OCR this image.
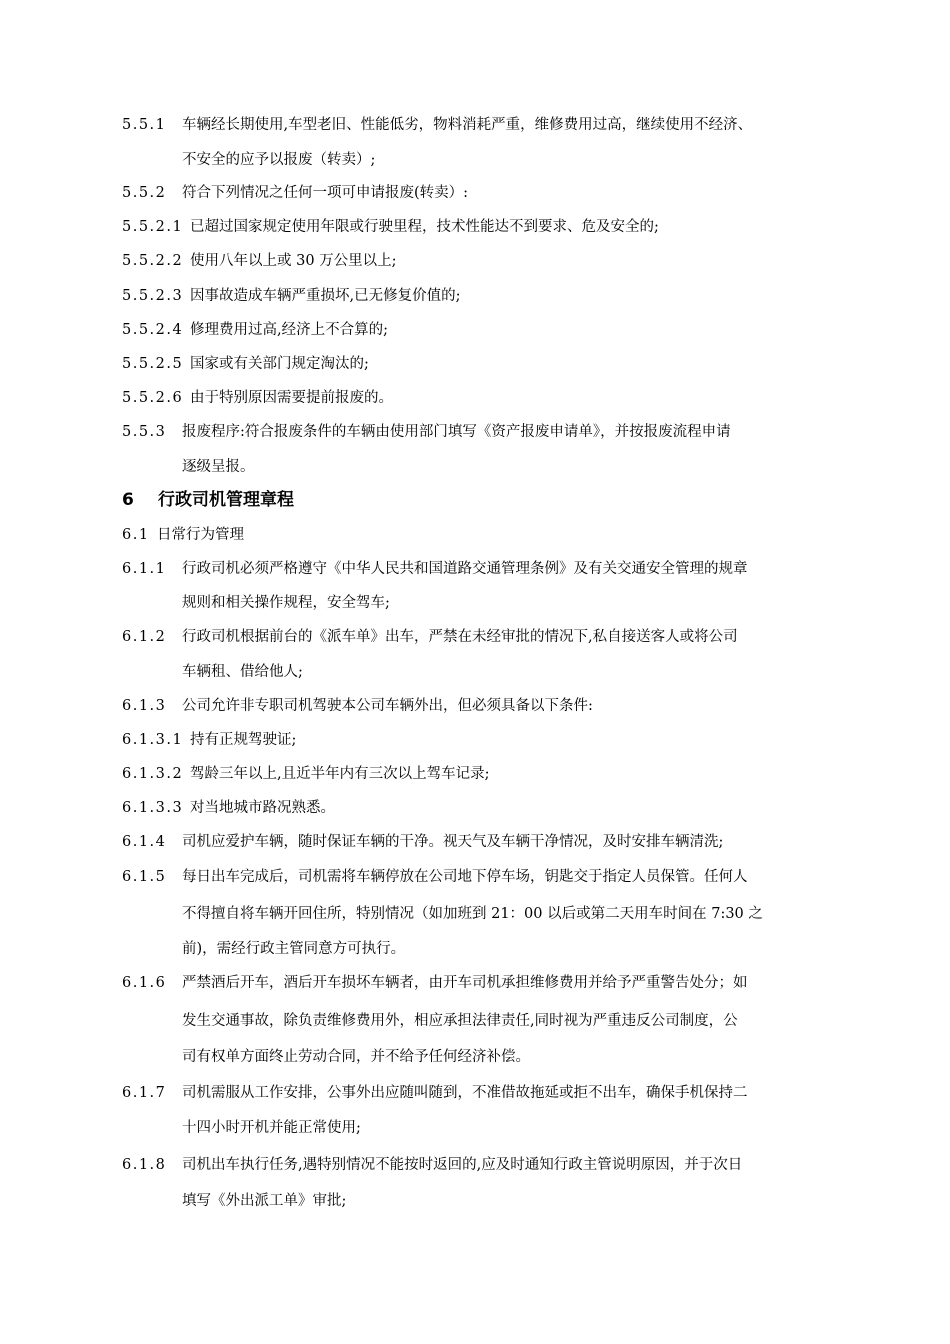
5.5.1 车辆经长期使用,车型老旧、性能低劣，物料消耗严重，维修费用过高，继续使用不经济、
不安全的应予以报废（转卖）;
5.5.2 符合下列情况之任何一项可申请报废(转卖）:
5.5.2.1 已超过国家规定使用年限或行驶里程，技术性能达不到要求、危及安全的;
5.5.2.2 使用八年以上或 30 万公里以上;
5.5.2.3 因事故造成车辆严重损坏,已无修复价值的;
5.5.2.4 修理费用过高,经济上不合算的;
5.5.2.5 国家或有关部门规定淘汰的;
5.5.2.6 由于特别原因需要提前报废的。
5.5.3 报废程序:符合报废条件的车辆由使用部门填写《资产报废申请单》，并按报废流程申请
逐级呈报。
6 行政司机管理章程
6.1 日常行为管理
6.1.1 行政司机必须严格遵守《中华人民共和国道路交通管理条例》及有关交通安全管理的规章
规则和相关操作规程，安全驾车;
6.1.2 行政司机根据前台的《派车单》出车，严禁在未经审批的情况下,私自接送客人或将公司
车辆租、借给他人;
6.1.3 公司允许非专职司机驾驶本公司车辆外出，但必须具备以下条件:
6.1.3.1 持有正规驾驶证;
6.1.3.2 驾龄三年以上,且近半年内有三次以上驾车记录;
6.1.3.3 对当地城市路况熟悉。
6.1.4 司机应爱护车辆，随时保证车辆的干净。视天气及车辆干净情况，及时安排车辆清洗;
6.1.5 每日出车完成后，司机需将车辆停放在公司地下停车场，钥匙交于指定人员保管。任何人
不得擅自将车辆开回住所，特别情况（如加班到 21：00 以后或第二天用车时间在 7:30 之
前)，需经行政主管同意方可执行。
6.1.6 严禁酒后开车，酒后开车损坏车辆者，由开车司机承担维修费用并给予严重警告处分；如
发生交通事故，除负责维修费用外，相应承担法律责任,同时视为严重违反公司制度，公
司有权单方面终止劳动合同，并不给予任何经济补偿。
6.1.7 司机需服从工作安排，公事外出应随叫随到，不准借故拖延或拒不出车，确保手机保持二
十四小时开机并能正常使用;
6.1.8 司机出车执行任务,遇特别情况不能按时返回的,应及时通知行政主管说明原因，并于次日
填写《外出派工单》审批;
